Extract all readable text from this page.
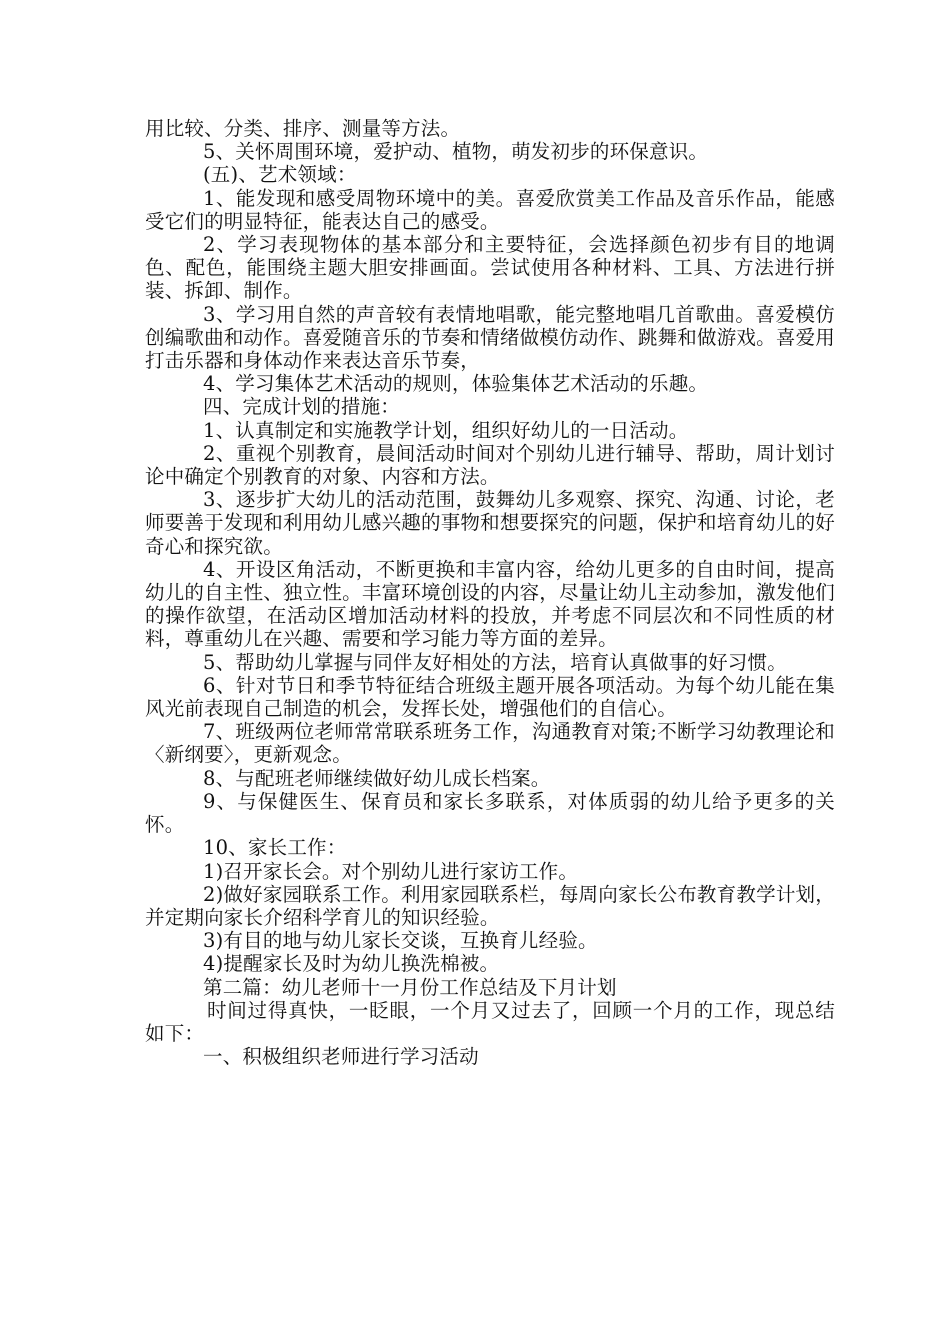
用比较、分类、排序、测量等方法。

5、关怀周围环境，爱护动、植物，萌发初步的环保意识。

(五)、艺术领域：

1、能发现和感受周物环境中的美。喜爱欣赏美工作品及音乐作品，能感受它们的明显特征，能表达自己的感受。

2、学习表现物体的基本部分和主要特征，会选择颜色初步有目的地调色、配色，能围绕主题大胆安排画面。尝试使用各种材料、工具、方法进行拼装、拆卸、制作。

3、学习用自然的声音较有表情地唱歌，能完整地唱几首歌曲。喜爱模仿创编歌曲和动作。喜爱随音乐的节奏和情绪做模仿动作、跳舞和做游戏。喜爱用打击乐器和身体动作来表达音乐节奏，

4、学习集体艺术活动的规则，体验集体艺术活动的乐趣。

四、完成计划的措施：

1、认真制定和实施教学计划，组织好幼儿的一日活动。

2、重视个别教育，晨间活动时间对个别幼儿进行辅导、帮助，周计划讨论中确定个别教育的对象、内容和方法。

3、逐步扩大幼儿的活动范围，鼓舞幼儿多观察、探究、沟通、讨论，老师要善于发现和利用幼儿感兴趣的事物和想要探究的问题，保护和培育幼儿的好奇心和探究欲。

4、开设区角活动，不断更换和丰富内容，给幼儿更多的自由时间，提高幼儿的自主性、独立性。丰富环境创设的内容，尽量让幼儿主动参加，激发他们的操作欲望，在活动区增加活动材料的投放，并考虑不同层次和不同性质的材料，尊重幼儿在兴趣、需要和学习能力等方面的差异。

5、帮助幼儿掌握与同伴友好相处的方法，培育认真做事的好习惯。

6、针对节日和季节特征结合班级主题开展各项活动。为每个幼儿能在集风光前表现自己制造的机会，发挥长处，增强他们的自信心。

7、班级两位老师常常联系班务工作，沟通教育对策;不断学习幼教理论和〈新纲要〉，更新观念。

8、与配班老师继续做好幼儿成长档案。

9、与保健医生、保育员和家长多联系，对体质弱的幼儿给予更多的关怀。

10、家长工作：

1)召开家长会。对个别幼儿进行家访工作。

2)做好家园联系工作。利用家园联系栏，每周向家长公布教育教学计划，并定期向家长介绍科学育儿的知识经验。

3)有目的地与幼儿家长交谈，互换育儿经验。

4)提醒家长及时为幼儿换洗棉被。

第二篇：幼儿老师十一月份工作总结及下月计划

时间过得真快，一眨眼，一个月又过去了，回顾一个月的工作，现总结如下：

一、积极组织老师进行学习活动
